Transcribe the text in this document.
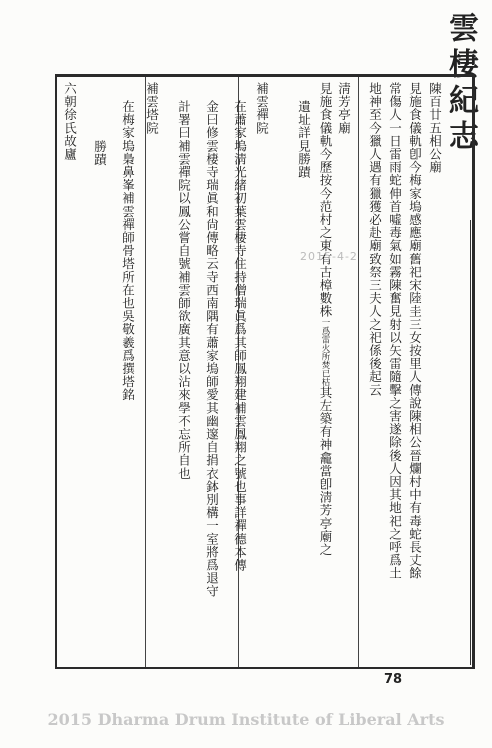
雲棲紀志
陳百廿五相公廟
見施食儀軌卽今梅家塢感應廟舊祀宋陸圭三女按里人傳說陳相公晉爛村中有毒蛇長丈餘
常傷人一日雷雨蛇伸首噓毒氣如霧陳奮見射以矢雷隨擊之害遂除後人因其地祀之呼爲土
地神至今獵人遇有獵獲必赴廟致祭三夫人之祀係後起云
淸芳亭廟
見施食儀軌今歷按今范村之東有古樟數株一爲雷火所焚已枯其左築有神龕當卽淸芳亭廟之
遺址詳見勝蹟
補雲禪院
在蕭家塢淸光緒初葉雲棲寺住持僧瑞眞爲其師鳳翔建補雲鳳翔之號也事詳禪德本傳
金曰修雲棲寺瑞眞和尙傳略云寺西南隅有蕭家塢師愛其幽邃自捐衣鉢別構一室將爲退守
計署曰補雲禪院以鳳公嘗自號補雲師欲廣其意以沾來學不忘所自也
補雲塔院
在梅家塢梟鼻峯補雲禪師骨塔所在也吳敬羲爲撰塔銘
勝蹟
六朝徐氏故廬
2015-4-2
78
2015 Dharma Drum Institute of Liberal Arts
